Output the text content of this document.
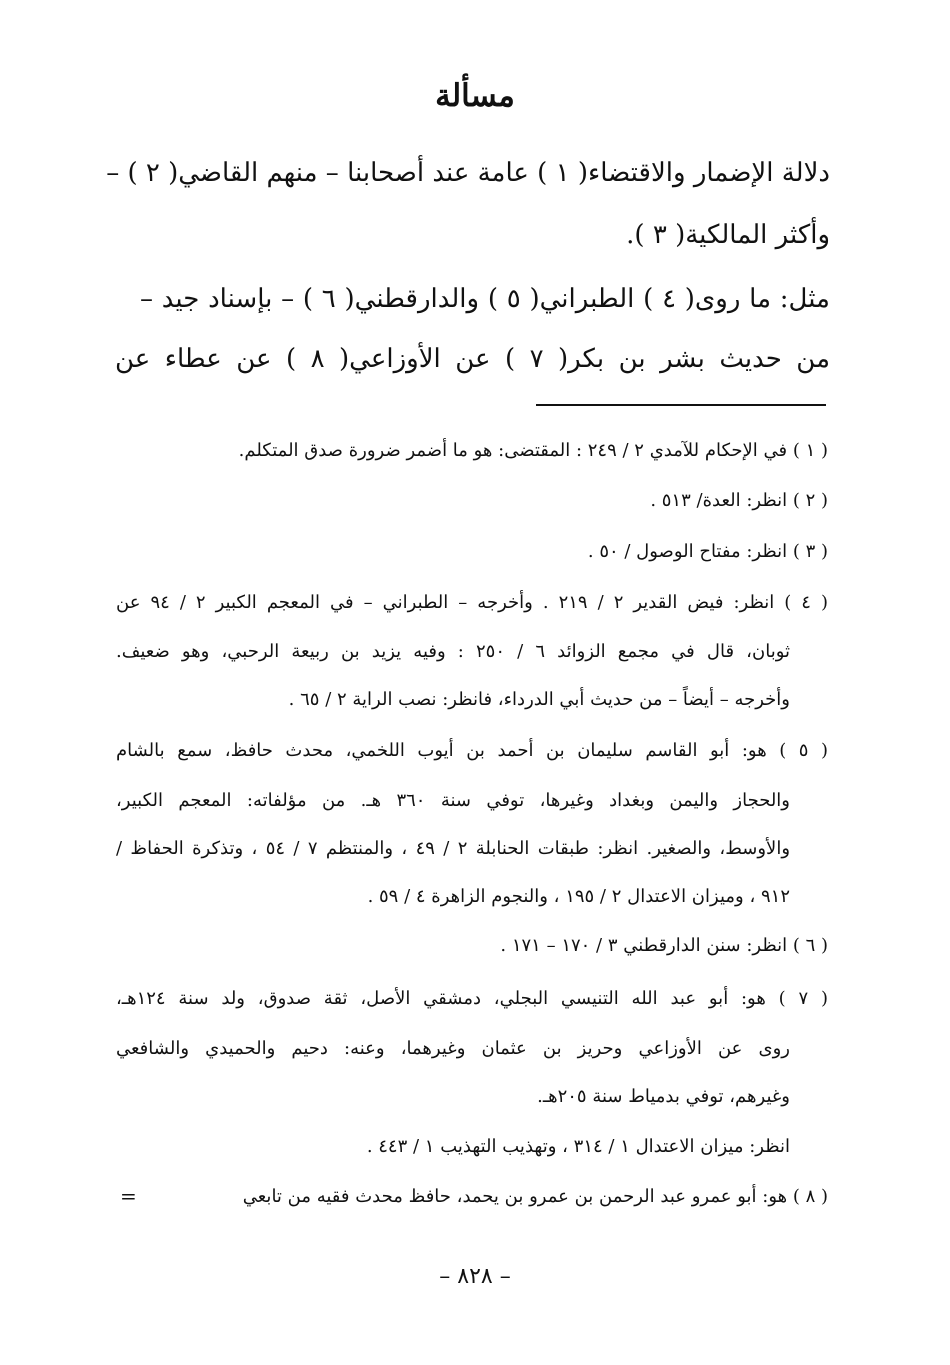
مسألة
دلالة الإضمار والاقتضاء( ١ ) عامة عند أصحابنا – منهم القاضي( ٢ ) –
وأكثر المالكية( ٣ ).
مثل: ما روى( ٤ ) الطبراني( ٥ ) والدارقطني( ٦ ) – بإسناد جيد –
من حديث بشر بن بكر( ٧ ) عن الأوزاعي( ٨ ) عن عطاء عن
( ١ ) في الإحكام للآمدي ٢ / ٢٤٩ : المقتضى: هو ما أضمر ضرورة صدق المتكلم.
( ٢ ) انظر: العدة/ ٥١٣ .
( ٣ ) انظر: مفتاح الوصول / ٥٠ .
( ٤ ) انظر: فيض القدير ٢ / ٢١٩ . وأخرجه – الطبراني – في المعجم الكبير ٢ / ٩٤ عن
ثوبان، قال في مجمع الزوائد ٦ / ٢٥٠ : وفيه يزيد بن ربيعة الرحبي، وهو ضعيف.
وأخرجه – أيضاً – من حديث أبي الدرداء، فانظر: نصب الراية ٢ / ٦٥ .
( ٥ ) هو: أبو القاسم سليمان بن أحمد بن أيوب اللخمي، محدث حافظ، سمع بالشام
والحجاز واليمن وبغداد وغيرها، توفي سنة ٣٦٠ هـ. من مؤلفاته: المعجم الكبير،
والأوسط، والصغير. انظر: طبقات الحنابلة ٢ / ٤٩ ، والمنتظم ٧ / ٥٤ ، وتذكرة الحفاظ /
٩١٢ ، وميزان الاعتدال ٢ / ١٩٥ ، والنجوم الزاهرة ٤ / ٥٩ .
( ٦ ) انظر: سنن الدارقطني ٣ / ١٧٠ – ١٧١ .
( ٧ ) هو: أبو عبد الله التنيسي البجلي، دمشقي الأصل، ثقة صدوق، ولد سنة ١٢٤هـ،
روى عن الأوزاعي وحريز بن عثمان وغيرهما، وعنه: دحيم والحميدي والشافعي
وغيرهم، توفي بدمياط سنة ٢٠٥هـ.
انظر: ميزان الاعتدال ١ / ٣١٤ ، وتهذيب التهذيب ١ / ٤٤٣ .
( ٨ ) هو: أبو عمرو عبد الرحمن بن عمرو بن يحمد، حافظ محدث فقيه من تابعي
=
– ٨٢٨ –
